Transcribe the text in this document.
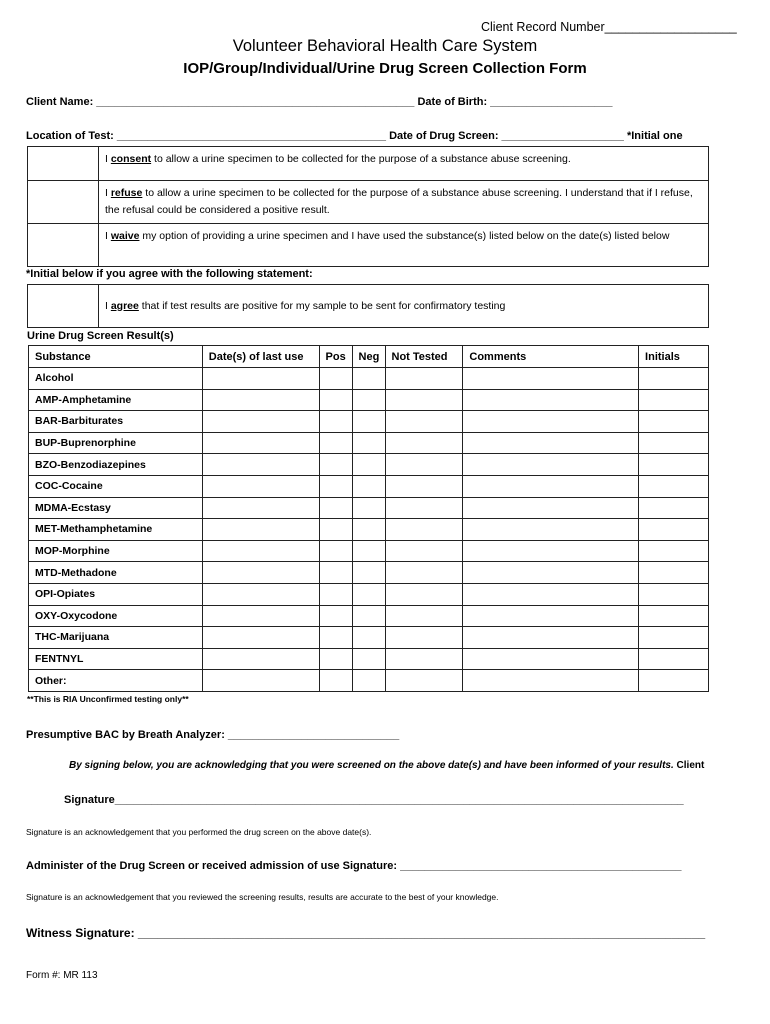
Client Record Number___________________
Volunteer Behavioral Health Care System
IOP/Group/Individual/Urine Drug Screen Collection Form
Client Name: ____________________________________________________ Date of Birth: ____________________
Location of Test: ____________________________________________ Date of Drug Screen: ____________________ *Initial one
	I consent to allow a urine specimen to be collected for the purpose of a substance abuse screening.
	I refuse to allow a urine specimen to be collected for the purpose of a substance abuse screening. I understand that if I refuse, the refusal could be considered a positive result.
	I waive my option of providing a urine specimen and I have used the substance(s) listed below on the date(s) listed below
*Initial below if you agree with the following statement:
	I agree that if test results are positive for my sample to be sent for confirmatory testing
Urine Drug Screen Result(s)
Substance	Date(s) of last use	Pos	Neg	Not Tested	Comments	Initials
Alcohol						
AMP-Amphetamine						
BAR-Barbiturates						
BUP-Buprenorphine						
BZO-Benzodiazepines						
COC-Cocaine						
MDMA-Ecstasy						
MET-Methamphetamine						
MOP-Morphine						
MTD-Methadone						
OPI-Opiates						
OXY-Oxycodone						
THC-Marijuana						
FENTNYL						
Other:						
**This is RIA Unconfirmed testing only**
Presumptive BAC by Breath Analyzer: ____________________________
By signing below, you are acknowledging that you were screened on the above date(s) and have been informed of your results. Client
Signature_____________________________________________________________________________________________
Signature is an acknowledgement that you performed the drug screen on the above date(s).
Administer of the Drug Screen or received admission of use Signature: ______________________________________________
Signature is an acknowledgement that you reviewed the screening results, results are accurate to the best of your knowledge.
Witness Signature: _____________________________________________________________________________________
Form #: MR 113
